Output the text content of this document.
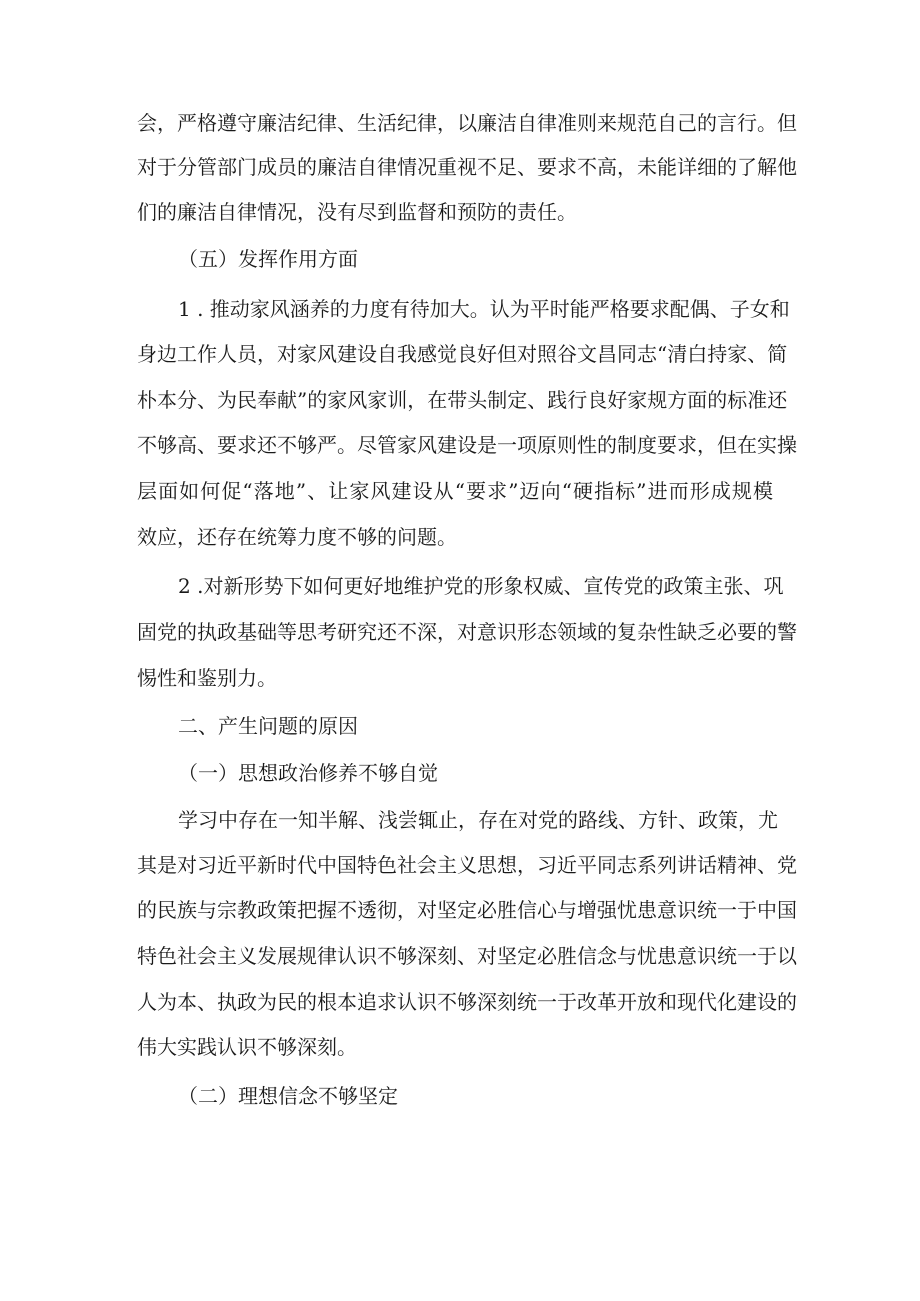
会，严格遵守廉洁纪律、生活纪律，以廉洁自律准则来规范自己的言行。但
对于分管部门成员的廉洁自律情况重视不足、要求不高，未能详细的了解他
们的廉洁自律情况，没有尽到监督和预防的责任。
（五）发挥作用方面
1 . 推动家风涵养的力度有待加大。认为平时能严格要求配偶、子女和
身边工作人员，对家风建设自我感觉良好但对照谷文昌同志“清白持家、简
朴本分、为民奉献”的家风家训，在带头制定、践行良好家规方面的标准还
不够高、要求还不够严。尽管家风建设是一项原则性的制度要求，但在实操
层面如何促“落地”、让家风建设从“要求”迈向“硬指标”进而形成规模
效应，还存在统筹力度不够的问题。
2 .对新形势下如何更好地维护党的形象权威、宣传党的政策主张、巩
固党的执政基础等思考研究还不深，对意识形态领域的复杂性缺乏必要的警
惕性和鉴别力。
二、产生问题的原因
（一）思想政治修养不够自觉
学习中存在一知半解、浅尝辄止，存在对党的路线、方针、政策，尤
其是对习近平新时代中国特色社会主义思想，习近平同志系列讲话精神、党
的民族与宗教政策把握不透彻，对坚定必胜信心与增强忧患意识统一于中国
特色社会主义发展规律认识不够深刻、对坚定必胜信念与忧患意识统一于以
人为本、执政为民的根本追求认识不够深刻统一于改革开放和现代化建设的
伟大实践认识不够深刻。
（二）理想信念不够坚定
